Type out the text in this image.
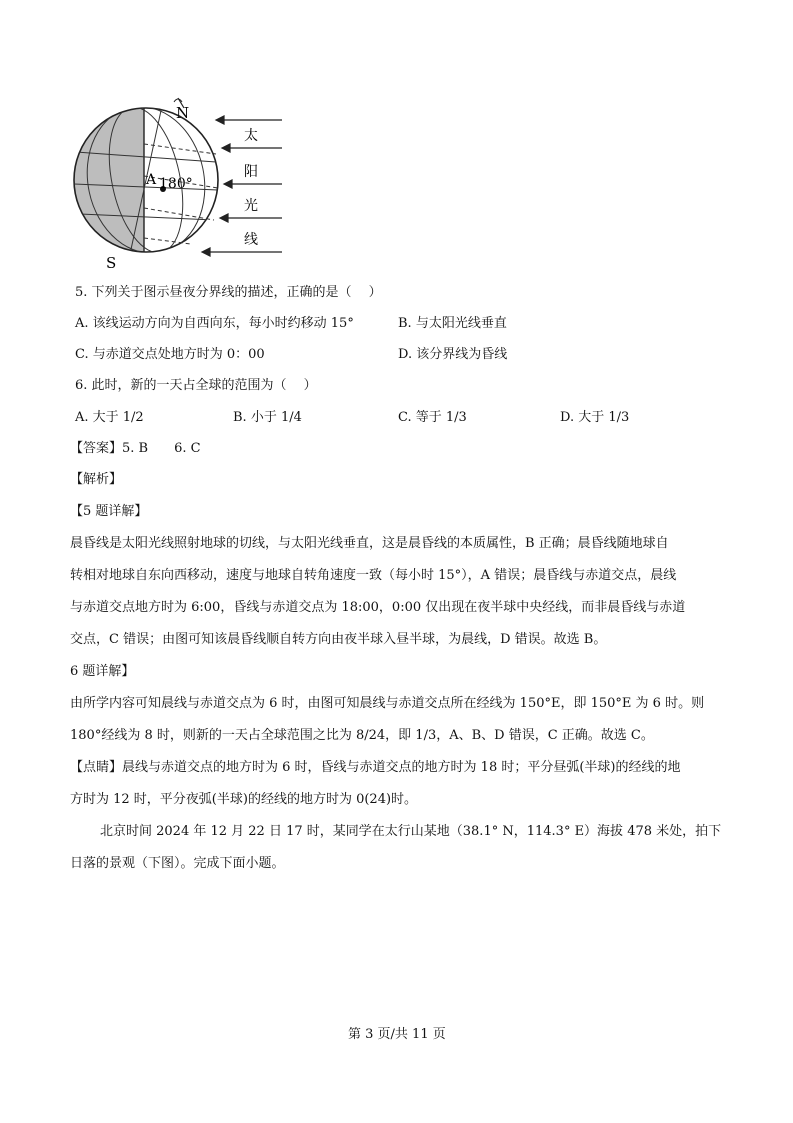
N
S
A 180°
太
阳
光
线
5. 下列关于图示昼夜分界线的描述，正确的是（　 ）
A. 该线运动方向为自西向东，每小时约移动 15°	B. 与太阳光线垂直
C. 与赤道交点处地方时为 0：00	D. 该分界线为昏线
6. 此时，新的一天占全球的范围为（　 ）
A. 大于 1/2	B. 小于 1/4	C. 等于 1/3	D. 大于 1/3
【答案】5. B　　6. C
【解析】
【5 题详解】
晨昏线是太阳光线照射地球的切线，与太阳光线垂直，这是晨昏线的本质属性，B 正确；晨昏线随地球自
转相对地球自东向西移动，速度与地球自转角速度一致（每小时 15°），A 错误；晨昏线与赤道交点，晨线
与赤道交点地方时为 6:00，昏线与赤道交点为 18:00，0:00 仅出现在夜半球中央经线，而非晨昏线与赤道
交点，C 错误；由图可知该晨昏线顺自转方向由夜半球入昼半球，为晨线，D 错误。故选 B。
6 题详解】
由所学内容可知晨线与赤道交点为 6 时，由图可知晨线与赤道交点所在经线为 150°E，即 150°E 为 6 时。则
180°经线为 8 时，则新的一天占全球范围之比为 8/24，即 1/3，A、B、D 错误，C 正确。故选 C。
【点睛】晨线与赤道交点的地方时为 6 时，昏线与赤道交点的地方时为 18 时；平分昼弧(半球)的经线的地
方时为 12 时，平分夜弧(半球)的经线的地方时为 0(24)时。
北京时间 2024 年 12 月 22 日 17 时，某同学在太行山某地（38.1° N，114.3° E）海拔 478 米处，拍下
日落的景观（下图）。完成下面小题。
第 3 页/共 11 页
